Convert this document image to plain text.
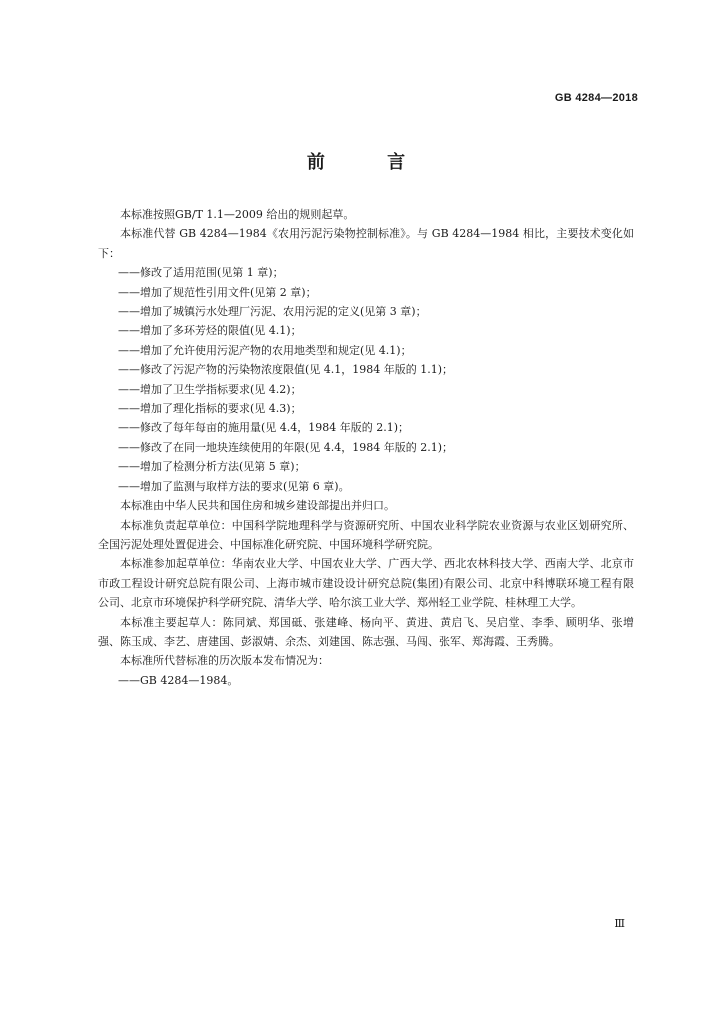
GB 4284—2018
前 言

本标准按照GB/T 1.1—2009 给出的规则起草。

本标准代替 GB 4284—1984《农用污泥污染物控制标准》。与 GB 4284—1984 相比，主要技术变化如下：

——修改了适用范围(见第 1 章)；

——增加了规范性引用文件(见第 2 章)；

——增加了城镇污水处理厂污泥、农用污泥的定义(见第 3 章)；

——增加了多环芳烃的限值(见 4.1)；

——增加了允许使用污泥产物的农用地类型和规定(见 4.1)；

——修改了污泥产物的污染物浓度限值(见 4.1，1984 年版的 1.1)；

——增加了卫生学指标要求(见 4.2)；

——增加了理化指标的要求(见 4.3)；

——修改了每年每亩的施用量(见 4.4，1984 年版的 2.1)；

——修改了在同一地块连续使用的年限(见 4.4，1984 年版的 2.1)；

——增加了检测分析方法(见第 5 章)；

——增加了监测与取样方法的要求(见第 6 章)。

本标准由中华人民共和国住房和城乡建设部提出并归口。

本标准负责起草单位：中国科学院地理科学与资源研究所、中国农业科学院农业资源与农业区划研究所、全国污泥处理处置促进会、中国标准化研究院、中国环境科学研究院。

本标准参加起草单位：华南农业大学、中国农业大学、广西大学、西北农林科技大学、西南大学、北京市市政工程设计研究总院有限公司、上海市城市建设设计研究总院(集团)有限公司、北京中科博联环境工程有限公司、北京市环境保护科学研究院、清华大学、哈尔滨工业大学、郑州轻工业学院、桂林理工大学。

本标准主要起草人：陈同斌、郑国砥、张建峰、杨向平、黄进、黄启飞、吴启堂、李季、顾明华、张增强、陈玉成、李艺、唐建国、彭淑婧、余杰、刘建国、陈志强、马闯、张军、郑海霞、王秀腾。

本标准所代替标准的历次版本发布情况为：

——GB 4284—1984。

Ⅲ
